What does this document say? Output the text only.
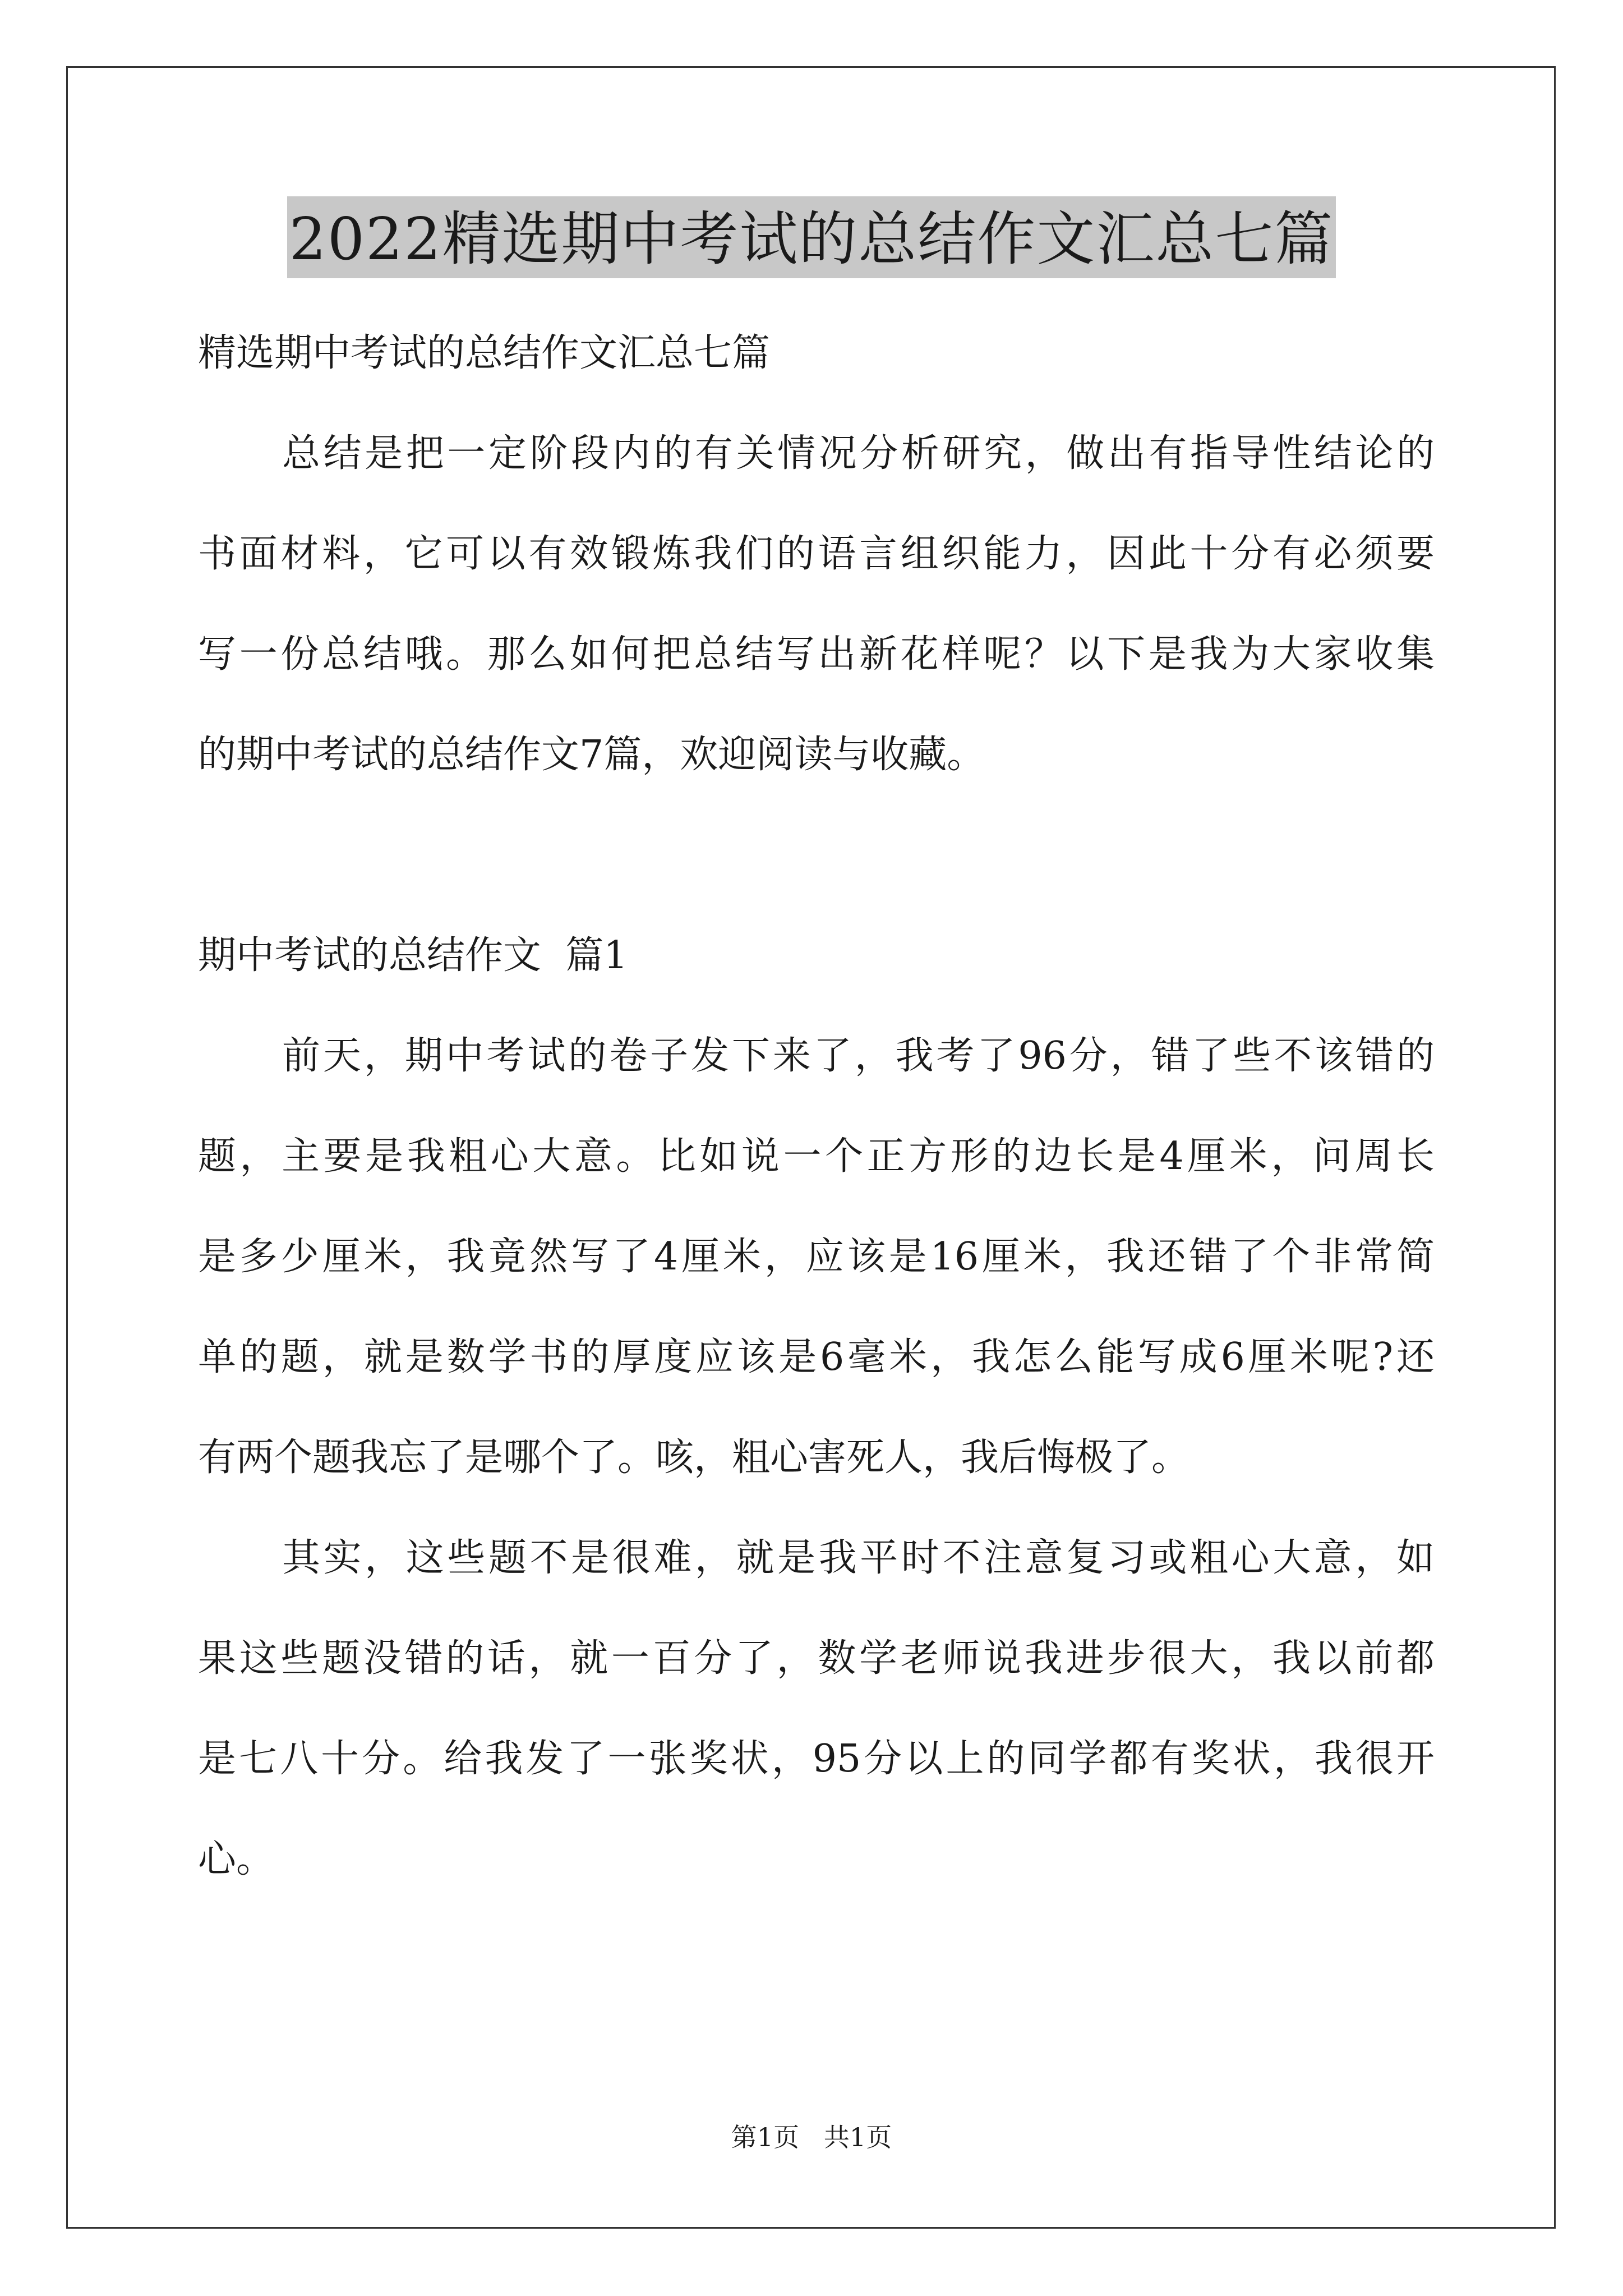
2022精选期中考试的总结作文汇总七篇
精选期中考试的总结作文汇总七篇
总结是把一定阶段内的有关情况分析研究，做出有指导性结论的
书面材料，它可以有效锻炼我们的语言组织能力，因此十分有必须要
写一份总结哦。那么如何把总结写出新花样呢？以下是我为大家收集
的期中考试的总结作文7篇，欢迎阅读与收藏。
期中考试的总结作文  篇1
前天，期中考试的卷子发下来了，我考了96分，错了些不该错的
题，主要是我粗心大意。比如说一个正方形的边长是4厘米，问周长
是多少厘米，我竟然写了4厘米，应该是16厘米，我还错了个非常简
单的题，就是数学书的厚度应该是6毫米，我怎么能写成6厘米呢?还
有两个题我忘了是哪个了。咳，粗心害死人，我后悔极了。
其实，这些题不是很难，就是我平时不注意复习或粗心大意，如
果这些题没错的话，就一百分了，数学老师说我进步很大，我以前都
是七八十分。给我发了一张奖状，95分以上的同学都有奖状，我很开
心。
第1页   共1页
